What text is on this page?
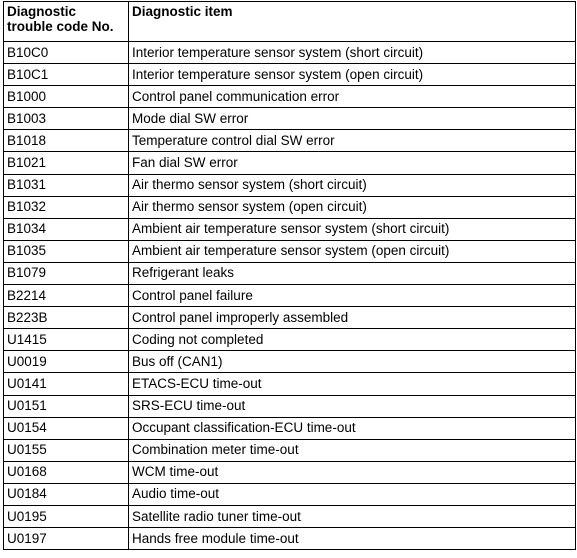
Diagnostic
trouble code No.	Diagnostic item
B10C0	Interior temperature sensor system (short circuit)
B10C1	Interior temperature sensor system (open circuit)
B1000	Control panel communication error
B1003	Mode dial SW error
B1018	Temperature control dial SW error
B1021	Fan dial SW error
B1031	Air thermo sensor system (short circuit)
B1032	Air thermo sensor system (open circuit)
B1034	Ambient air temperature sensor system (short circuit)
B1035	Ambient air temperature sensor system (open circuit)
B1079	Refrigerant leaks
B2214	Control panel failure
B223B	Control panel improperly assembled
U1415	Coding not completed
U0019	Bus off (CAN1)
U0141	ETACS-ECU time-out
U0151	SRS-ECU time-out
U0154	Occupant classification-ECU time-out
U0155	Combination meter time-out
U0168	WCM time-out
U0184	Audio time-out
U0195	Satellite radio tuner time-out
U0197	Hands free module time-out
